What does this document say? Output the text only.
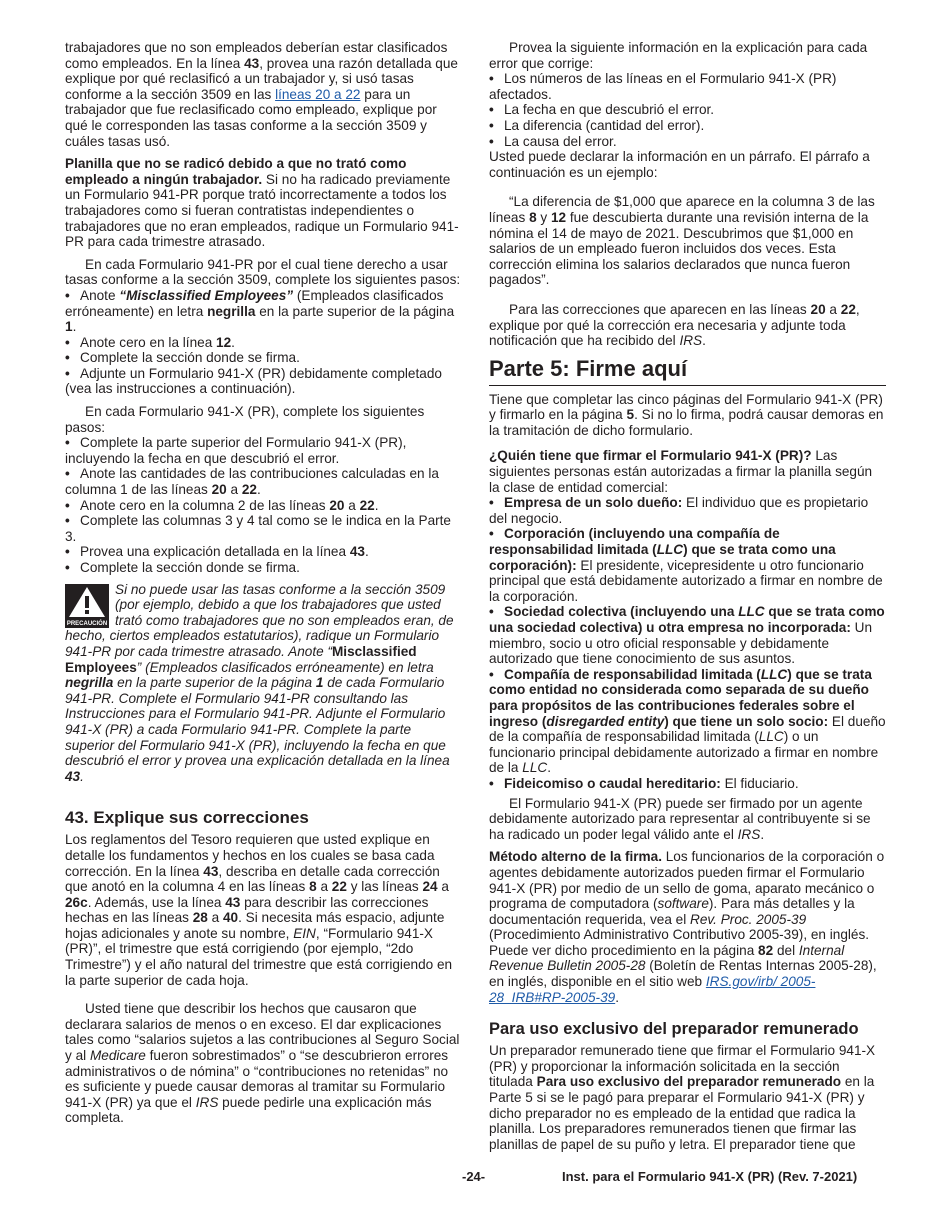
trabajadores que no son empleados deberían estar clasificados como empleados. En la línea 43, provea una razón detallada que explique por qué reclasificó a un trabajador y, si usó tasas conforme a la sección 3509 en las líneas 20 a 22 para un trabajador que fue reclasificado como empleado, explique por qué le corresponden las tasas conforme a la sección 3509 y cuáles tasas usó.

Planilla que no se radicó debido a que no trató como empleado a ningún trabajador. Si no ha radicado previamente un Formulario 941-PR porque trató incorrectamente a todos los trabajadores como si fueran contratistas independientes o trabajadores que no eran empleados, radique un Formulario 941-PR para cada trimestre atrasado.

En cada Formulario 941-PR por el cual tiene derecho a usar tasas conforme a la sección 3509, complete los siguientes pasos:

• Anote “Misclassified Employees” (Empleados clasificados erróneamente) en letra negrilla en la parte superior de la página 1.

• Anote cero en la línea 12.

• Complete la sección donde se firma.

• Adjunte un Formulario 941-X (PR) debidamente completado (vea las instrucciones a continuación).

En cada Formulario 941-X (PR), complete los siguientes pasos:

• Complete la parte superior del Formulario 941-X (PR), incluyendo la fecha en que descubrió el error.

• Anote las cantidades de las contribuciones calculadas en la columna 1 de las líneas 20 a 22.

• Anote cero en la columna 2 de las líneas 20 a 22.

• Complete las columnas 3 y 4 tal como se le indica en la Parte 3.

• Provea una explicación detallada en la línea 43.

• Complete la sección donde se firma.

PRECAUCIÓN
Si no puede usar las tasas conforme a la sección 3509 (por ejemplo, debido a que los trabajadores que usted trató como trabajadores que no son empleados eran, de hecho, ciertos empleados estatutarios), radique un Formulario 941-PR por cada trimestre atrasado. Anote “Misclassified Employees” (Empleados clasificados erróneamente) en letra negrilla en la parte superior de la página 1 de cada Formulario 941-PR. Complete el Formulario 941-PR consultando las Instrucciones para el Formulario 941-PR. Adjunte el Formulario 941-X (PR) a cada Formulario 941-PR. Complete la parte superior del Formulario 941-X (PR), incluyendo la fecha en que descubrió el error y provea una explicación detallada en la línea 43.
43. Explique sus correcciones

Los reglamentos del Tesoro requieren que usted explique en detalle los fundamentos y hechos en los cuales se basa cada corrección. En la línea 43, describa en detalle cada corrección que anotó en la columna 4 en las líneas 8 a 22 y las líneas 24 a 26c. Además, use la línea 43 para describir las correcciones hechas en las líneas 28 a 40. Si necesita más espacio, adjunte hojas adicionales y anote su nombre, EIN, “Formulario 941-X (PR)”, el trimestre que está corrigiendo (por ejemplo, “2do Trimestre”) y el año natural del trimestre que está corrigiendo en la parte superior de cada hoja.

Usted tiene que describir los hechos que causaron que declarara salarios de menos o en exceso. El dar explicaciones tales como “salarios sujetos a las contribuciones al Seguro Social y al Medicare fueron sobrestimados” o “se descubrieron errores administrativos o de nómina” o “contribuciones no retenidas” no es suficiente y puede causar demoras al tramitar su Formulario 941-X (PR) ya que el IRS puede pedirle una explicación más completa.

Provea la siguiente información en la explicación para cada error que corrige:

• Los números de las líneas en el Formulario 941-X (PR) afectados.

• La fecha en que descubrió el error.

• La diferencia (cantidad del error).

• La causa del error.

Usted puede declarar la información en un párrafo. El párrafo a continuación es un ejemplo:

“La diferencia de $1,000 que aparece en la columna 3 de las líneas 8 y 12 fue descubierta durante una revisión interna de la nómina el 14 de mayo de 2021. Descubrimos que $1,000 en salarios de un empleado fueron incluidos dos veces. Esta corrección elimina los salarios declarados que nunca fueron pagados”.

Para las correcciones que aparecen en las líneas 20 a 22, explique por qué la corrección era necesaria y adjunte toda notificación que ha recibido del IRS.

Parte 5: Firme aquí

Tiene que completar las cinco páginas del Formulario 941-X (PR) y firmarlo en la página 5. Si no lo firma, podrá causar demoras en la tramitación de dicho formulario.

¿Quién tiene que firmar el Formulario 941-X (PR)? Las siguientes personas están autorizadas a firmar la planilla según la clase de entidad comercial:

• Empresa de un solo dueño: El individuo que es propietario del negocio.

• Corporación (incluyendo una compañía de responsabilidad limitada (LLC) que se trata como una corporación): El presidente, vicepresidente u otro funcionario principal que está debidamente autorizado a firmar en nombre de la corporación.

• Sociedad colectiva (incluyendo una LLC que se trata como una sociedad colectiva) u otra empresa no incorporada: Un miembro, socio u otro oficial responsable y debidamente autorizado que tiene conocimiento de sus asuntos.

• Compañía de responsabilidad limitada (LLC) que se trata como entidad no considerada como separada de su dueño para propósitos de las contribuciones federales sobre el ingreso (disregarded entity) que tiene un solo socio: El dueño de la compañía de responsabilidad limitada (LLC) o un funcionario principal debidamente autorizado a firmar en nombre de la LLC.

• Fideicomiso o caudal hereditario: El fiduciario.

El Formulario 941-X (PR) puede ser firmado por un agente debidamente autorizado para representar al contribuyente si se ha radicado un poder legal válido ante el IRS.

Método alterno de la firma. Los funcionarios de la corporación o agentes debidamente autorizados pueden firmar el Formulario 941-X (PR) por medio de un sello de goma, aparato mecánico o programa de computadora (software). Para más detalles y la documentación requerida, vea el Rev. Proc. 2005-39 (Procedimiento Administrativo Contributivo 2005-39), en inglés. Puede ver dicho procedimiento en la página 82 del Internal Revenue Bulletin 2005-28 (Boletín de Rentas Internas 2005-28), en inglés, disponible en el sitio web IRS.gov/irb/ 2005-28_IRB#RP-2005-39.

Para uso exclusivo del preparador remunerado

Un preparador remunerado tiene que firmar el Formulario 941-X (PR) y proporcionar la información solicitada en la sección titulada Para uso exclusivo del preparador remunerado en la Parte 5 si se le pagó para preparar el Formulario 941-X (PR) y dicho preparador no es empleado de la entidad que radica la planilla. Los preparadores remunerados tienen que firmar las planillas de papel de su puño y letra. El preparador tiene que

-24-	Inst. para el Formulario 941-X (PR) (Rev. 7-2021)
